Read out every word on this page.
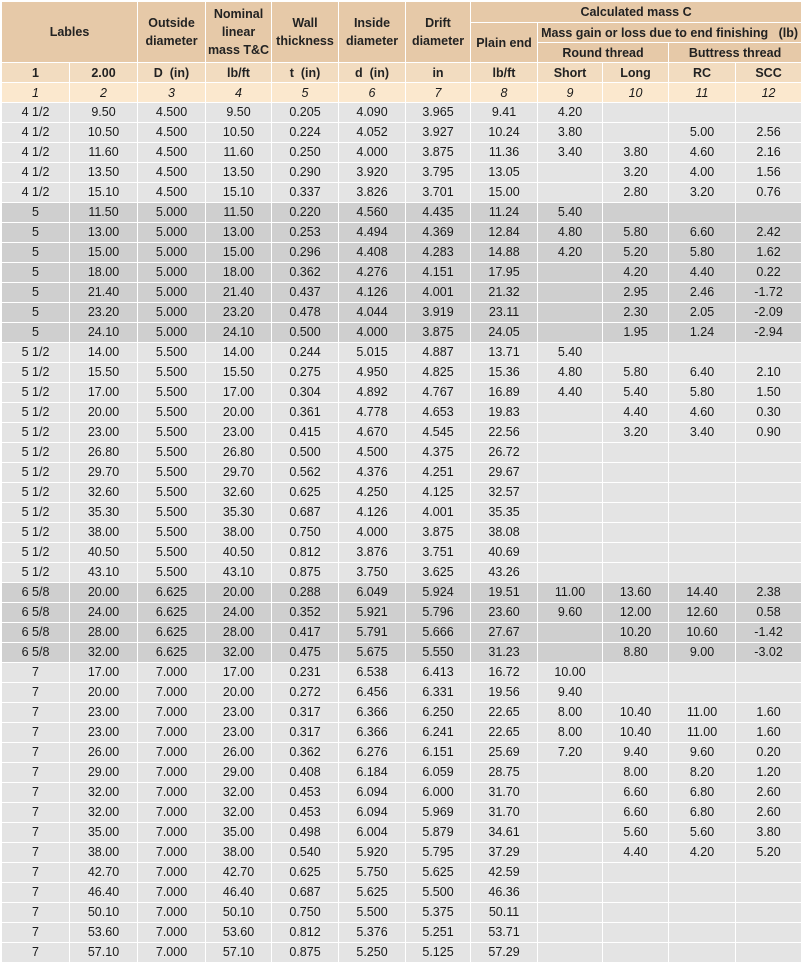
Lables		Outside diameter	Nominal linear mass T&C	Wall thickness	Inside diameter	Drift diameter	Calculated mass C				
							Plain end	Mass gain or loss due to end finishing   (lb)			
								Round thread		Buttress thread	
1	2.00	D  (in)	lb/ft	t  (in)	d  (in)	in	lb/ft	Short	Long	RC	SCC
1	2	3	4	5	6	7	8	9	10	11	12
4 1/2	9.50	4.500	9.50	0.205	4.090	3.965	9.41	4.20			
4 1/2	10.50	4.500	10.50	0.224	4.052	3.927	10.24	3.80		5.00	2.56
4 1/2	11.60	4.500	11.60	0.250	4.000	3.875	11.36	3.40	3.80	4.60	2.16
4 1/2	13.50	4.500	13.50	0.290	3.920	3.795	13.05		3.20	4.00	1.56
4 1/2	15.10	4.500	15.10	0.337	3.826	3.701	15.00		2.80	3.20	0.76
5	11.50	5.000	11.50	0.220	4.560	4.435	11.24	5.40			
5	13.00	5.000	13.00	0.253	4.494	4.369	12.84	4.80	5.80	6.60	2.42
5	15.00	5.000	15.00	0.296	4.408	4.283	14.88	4.20	5.20	5.80	1.62
5	18.00	5.000	18.00	0.362	4.276	4.151	17.95		4.20	4.40	0.22
5	21.40	5.000	21.40	0.437	4.126	4.001	21.32		2.95	2.46	-1.72
5	23.20	5.000	23.20	0.478	4.044	3.919	23.11		2.30	2.05	-2.09
5	24.10	5.000	24.10	0.500	4.000	3.875	24.05		1.95	1.24	-2.94
5 1/2	14.00	5.500	14.00	0.244	5.015	4.887	13.71	5.40			
5 1/2	15.50	5.500	15.50	0.275	4.950	4.825	15.36	4.80	5.80	6.40	2.10
5 1/2	17.00	5.500	17.00	0.304	4.892	4.767	16.89	4.40	5.40	5.80	1.50
5 1/2	20.00	5.500	20.00	0.361	4.778	4.653	19.83		4.40	4.60	0.30
5 1/2	23.00	5.500	23.00	0.415	4.670	4.545	22.56		3.20	3.40	0.90
5 1/2	26.80	5.500	26.80	0.500	4.500	4.375	26.72				
5 1/2	29.70	5.500	29.70	0.562	4.376	4.251	29.67				
5 1/2	32.60	5.500	32.60	0.625	4.250	4.125	32.57				
5 1/2	35.30	5.500	35.30	0.687	4.126	4.001	35.35				
5 1/2	38.00	5.500	38.00	0.750	4.000	3.875	38.08				
5 1/2	40.50	5.500	40.50	0.812	3.876	3.751	40.69				
5 1/2	43.10	5.500	43.10	0.875	3.750	3.625	43.26				
6 5/8	20.00	6.625	20.00	0.288	6.049	5.924	19.51	11.00	13.60	14.40	2.38
6 5/8	24.00	6.625	24.00	0.352	5.921	5.796	23.60	9.60	12.00	12.60	0.58
6 5/8	28.00	6.625	28.00	0.417	5.791	5.666	27.67		10.20	10.60	-1.42
6 5/8	32.00	6.625	32.00	0.475	5.675	5.550	31.23		8.80	9.00	-3.02
7	17.00	7.000	17.00	0.231	6.538	6.413	16.72	10.00			
7	20.00	7.000	20.00	0.272	6.456	6.331	19.56	9.40			
7	23.00	7.000	23.00	0.317	6.366	6.250	22.65	8.00	10.40	11.00	1.60
7	23.00	7.000	23.00	0.317	6.366	6.241	22.65	8.00	10.40	11.00	1.60
7	26.00	7.000	26.00	0.362	6.276	6.151	25.69	7.20	9.40	9.60	0.20
7	29.00	7.000	29.00	0.408	6.184	6.059	28.75		8.00	8.20	1.20
7	32.00	7.000	32.00	0.453	6.094	6.000	31.70		6.60	6.80	2.60
7	32.00	7.000	32.00	0.453	6.094	5.969	31.70		6.60	6.80	2.60
7	35.00	7.000	35.00	0.498	6.004	5.879	34.61		5.60	5.60	3.80
7	38.00	7.000	38.00	0.540	5.920	5.795	37.29		4.40	4.20	5.20
7	42.70	7.000	42.70	0.625	5.750	5.625	42.59				
7	46.40	7.000	46.40	0.687	5.625	5.500	46.36				
7	50.10	7.000	50.10	0.750	5.500	5.375	50.11				
7	53.60	7.000	53.60	0.812	5.376	5.251	53.71				
7	57.10	7.000	57.10	0.875	5.250	5.125	57.29				
